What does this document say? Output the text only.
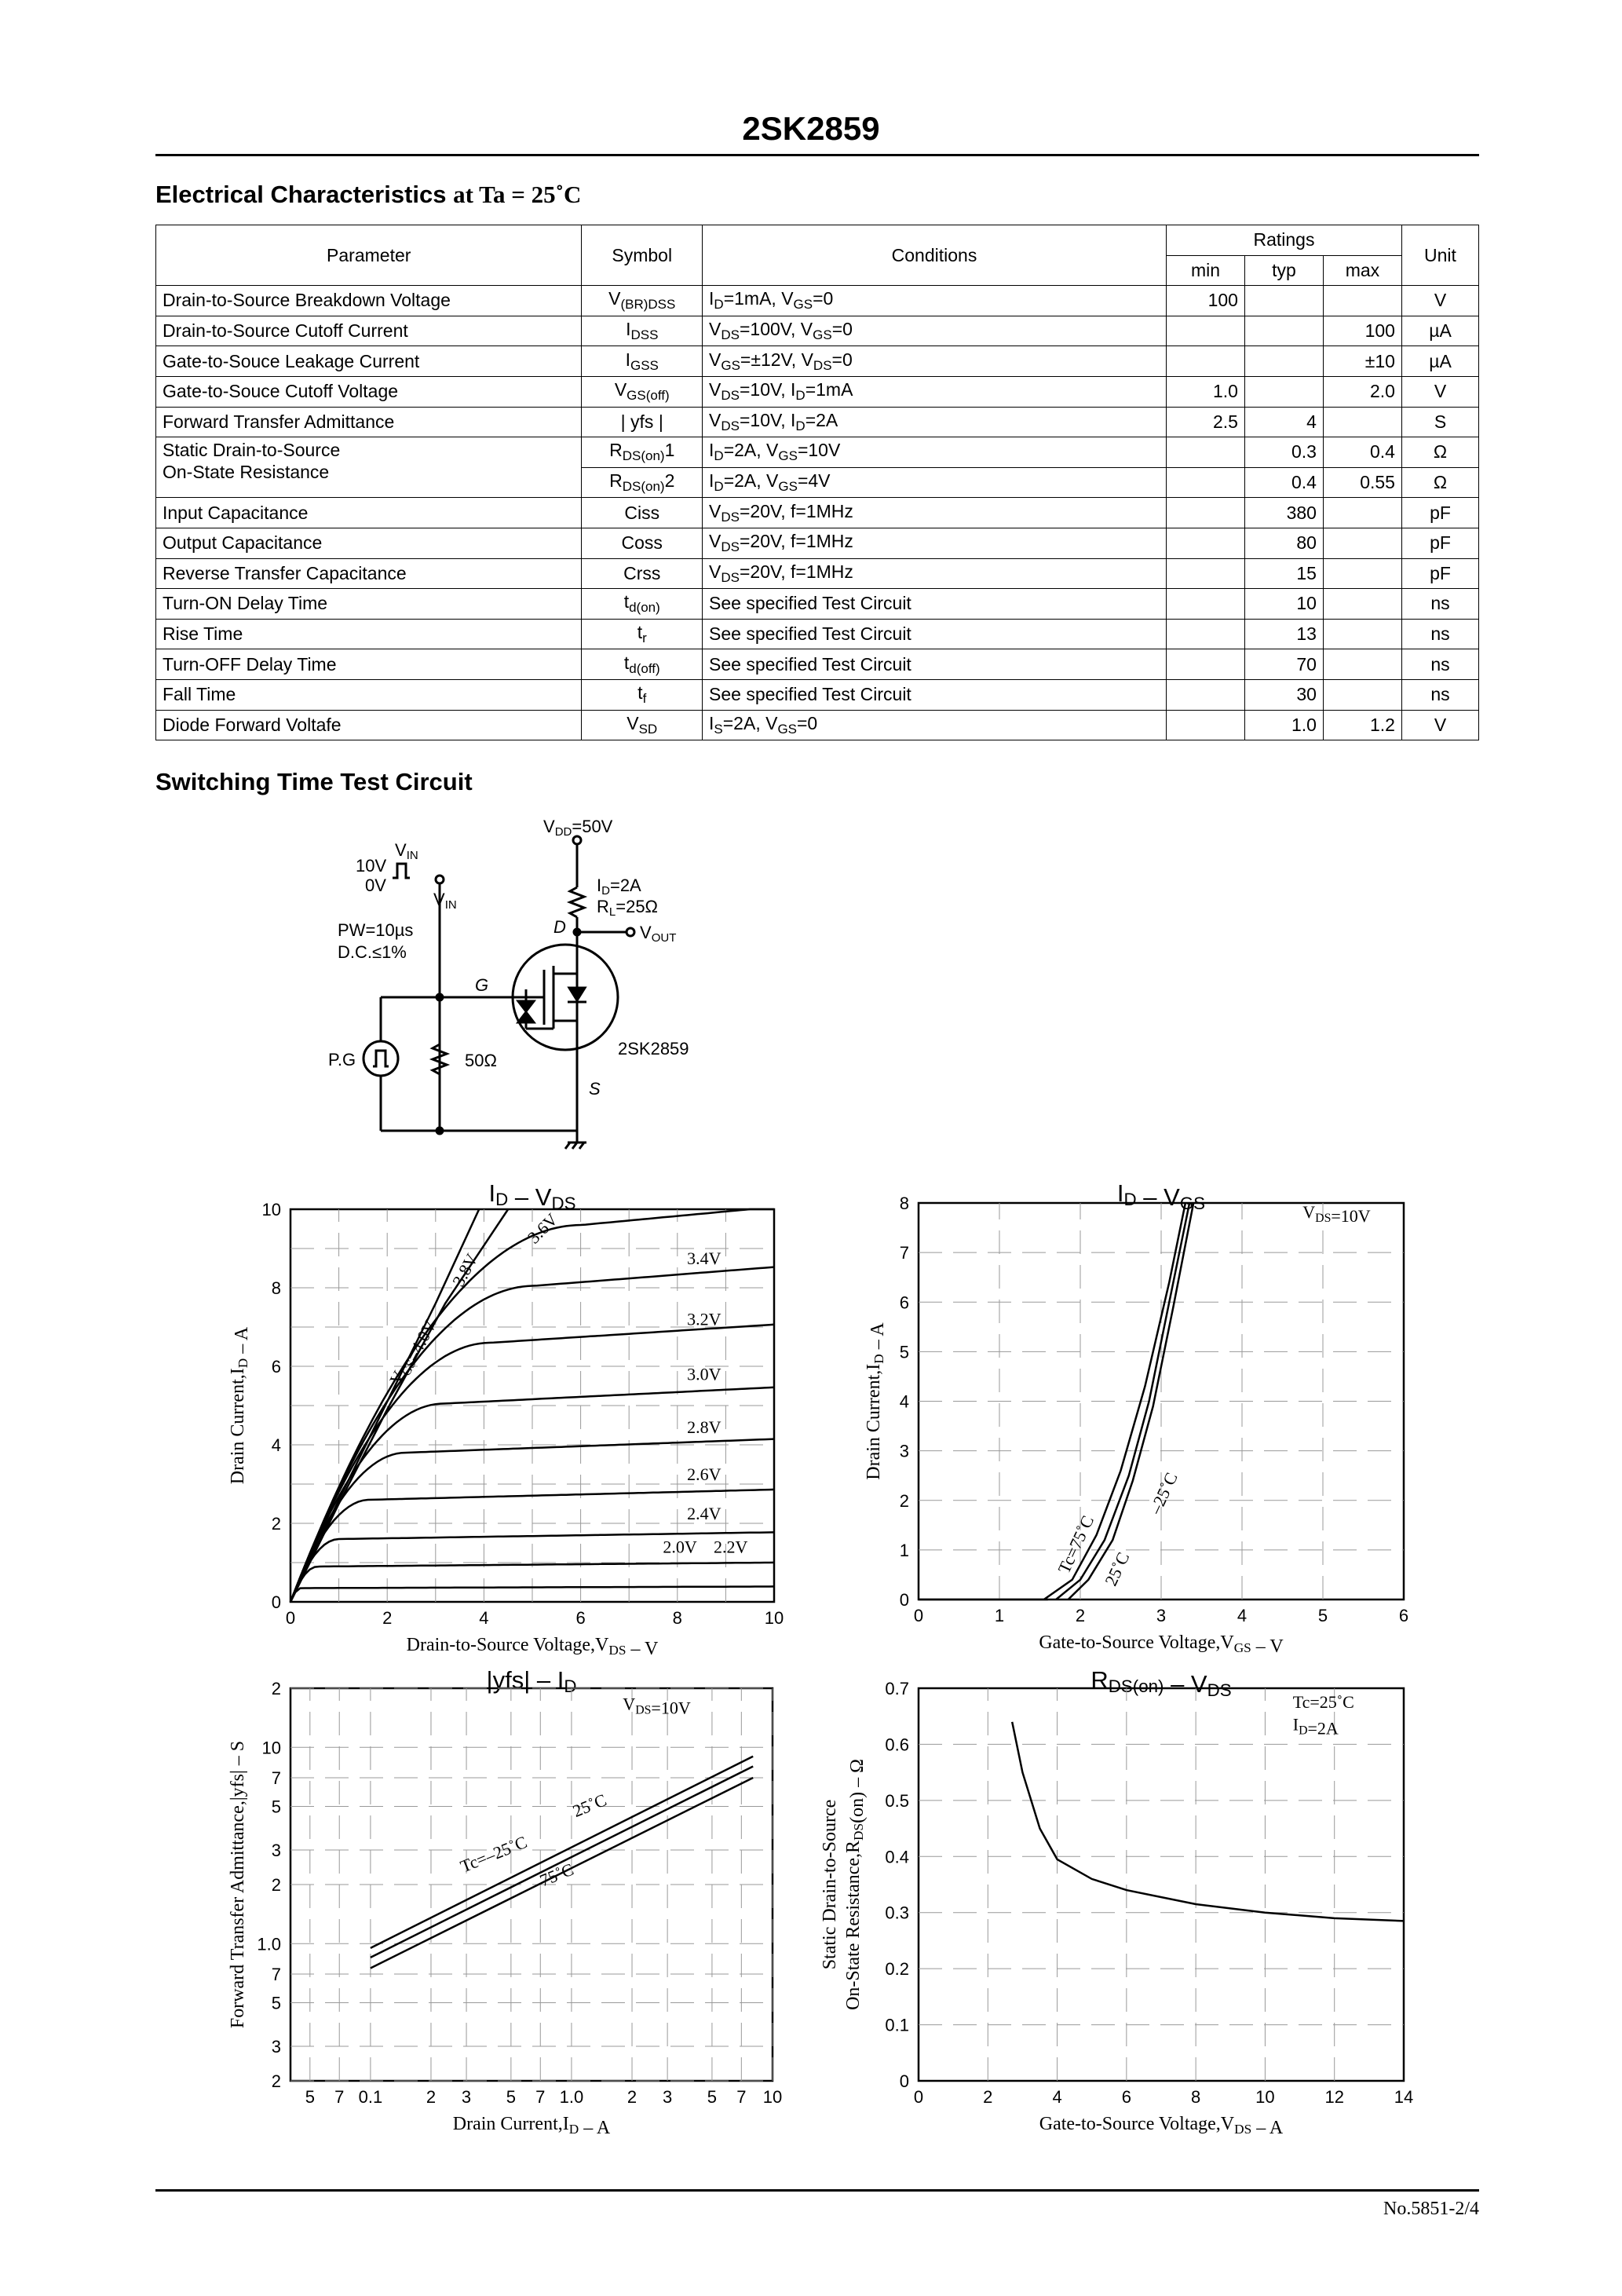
2SK2859
Electrical Characteristics at Ta = 25˚C
Parameter	Symbol	Conditions	Ratings			Unit
			min	typ	max	
Drain-to-Source Breakdown Voltage	$V_{(BR)DSS}$	$I_D=1mA$, $V_{GS}=0$	100			V
Drain-to-Source Cutoff Current	$I_{DSS}$	$V_{DS}=100V$, $V_{GS}=0$			100	µA
Gate-to-Souce Leakage Current	$I_{GSS}$	$V_{GS}=\pm 12V$, $V_{DS}=0$			±10	µA
Gate-to-Souce Cutoff Voltage	$V_{GS(off)}$	$V_{DS}=10V$, $I_D=1mA$	1.0		2.0	V
Forward Transfer Admittance	| yfs |	$V_{DS}=10V$, $I_D=2A$	2.5	4		S

Static Drain-to-Source
On-State Resistance	$R_{DS(on)}1$	$I_D=2A$, $V_{GS}=10V$		0.3	0.4	Ω
	$R_{DS(on)}2$	$I_D=2A$, $V_{GS}=4V$		0.4	0.55	Ω
Input Capacitance	Ciss	$V_{DS}=20V$, f=1MHz		380		pF
Output Capacitance	Coss	$V_{DS}=20V$, f=1MHz		80		pF
Reverse Transfer Capacitance	Crss	$V_{DS}=20V$, f=1MHz		15		pF
Turn-ON Delay Time	$t_{d(on)}$	See specified Test Circuit		10		ns
Rise Time	$t_r$	See specified Test Circuit		13		ns
Turn-OFF Delay Time	$t_{d(off)}$	See specified Test Circuit		70		ns
Fall Time	$t_f$	See specified Test Circuit		30		ns
Diode Forward Voltafe	$V_{SD}$	$I_S=2A$, $V_{GS}=0$		1.0	1.2	V
Switching Time Test Circuit
VDD=50V
VIN
10V
0V
VIN
ID=2A
RL=25Ω
D	VOUT
PW=10µs
D.C.≤1%
G
P.G	50Ω
2SK2859
S
ID – VDS
0	2	4	6	8	10
0
2
4
6
8
10
Drain-to-Source $Voltage,V_{DS}$ – V
Drain $Current,I_D$ – A
3.4V
3.2V
3.0V
2.8V
2.6V
2.4V
2.2V
2.0V
$V_{GS}=4.0V$
3.8V
3.6V
ID – VGS
0	1	2	3	4	5	6
0
1
2
3
4
5
6
7
8
Gate-to-Source $Voltage,V_{GS}$ – V
Drain $Current,I_D$ – A
$V_{DS}=10V$
Tc=75˚C 25˚C
–25˚C
|yfs| – ID
5 7 0.1	2 3 5 7 1.0	2 3 5 7 10
2
3
5
7
1.0
2
3
5
7
10
2
Drain $Current,I_D$ – A
Forward Transfer Admittance,|yfs| – S
$V_{DS}=10V$
Tc=–25˚C
25˚C
75˚C
RDS(on) – VDS
0	2	4	6	8	10	12	14
0
0.1
0.2
0.3
0.4
0.5
0.6
0.7
Gate-to-Source $Voltage,V_{DS}$ – A
Static Drain-to-Source On-State $Resistance,R_{DS}(on)$ – Ω
Tc=25˚C
$I_D=2A$
No.5851-2/4
